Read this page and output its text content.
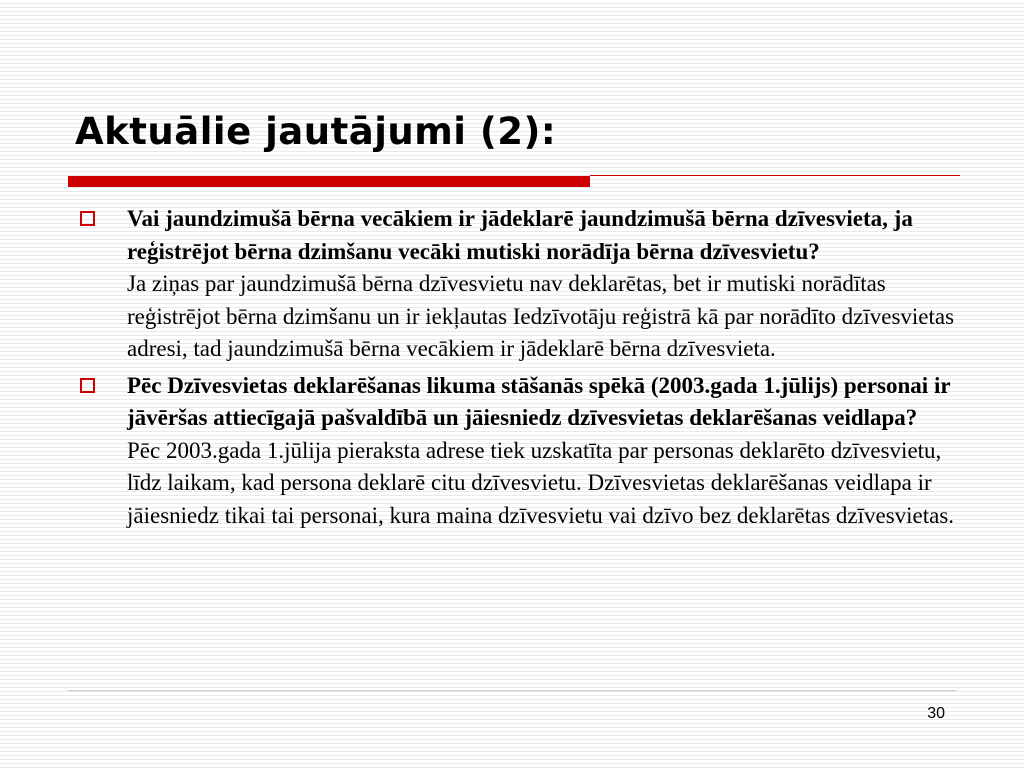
Aktuālie jautājumi (2):
Vai jaundzimušā bērna vecākiem ir jādeklarē jaundzimušā bērna dzīvesvieta, ja reģistrējot bērna dzimšanu vecāki mutiski norādīja bērna dzīvesvietu?
Ja ziņas par jaundzimušā bērna dzīvesvietu nav deklarētas, bet ir mutiski norādītas reģistrējot bērna dzimšanu un ir iekļautas Iedzīvotāju reģistrā kā par norādīto dzīvesvietas adresi, tad jaundzimušā bērna vecākiem ir jādeklarē bērna dzīvesvieta.
Pēc Dzīvesvietas deklarēšanas likuma stāšanās spēkā (2003.gada 1.jūlijs) personai ir jāvēršas attiecīgajā pašvaldībā un jāiesniedz dzīvesvietas deklarēšanas veidlapa?
Pēc 2003.gada 1.jūlija pieraksta adrese tiek uzskatīta par personas deklarēto dzīvesvietu, līdz laikam, kad persona deklarē citu dzīvesvietu. Dzīvesvietas deklarēšanas veidlapa ir jāiesniedz tikai tai personai, kura maina dzīvesvietu vai dzīvo bez deklarētas dzīvesvietas.
30
